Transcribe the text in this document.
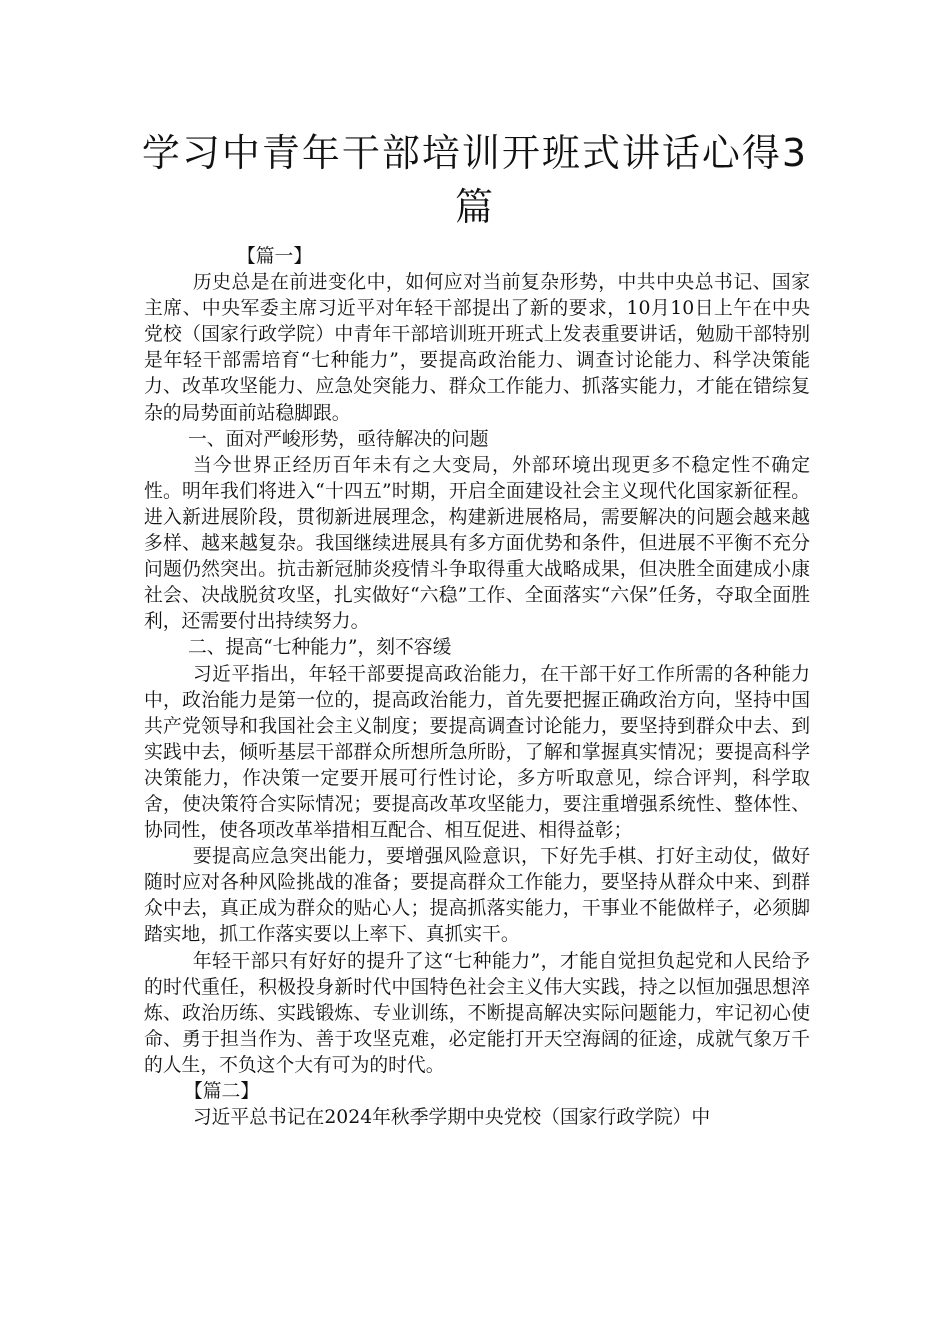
学习中青年干部培训开班式讲话心得3篇

【篇一】

历史总是在前进变化中，如何应对当前复杂形势，中共中央总书记、国家主席、中央军委主席习近平对年轻干部提出了新的要求，10月10日上午在中央党校（国家行政学院）中青年干部培训班开班式上发表重要讲话，勉励干部特别是年轻干部需培育“七种能力”，要提高政治能力、调查讨论能力、科学决策能力、改革攻坚能力、应急处突能力、群众工作能力、抓落实能力，才能在错综复杂的局势面前站稳脚跟。

一、面对严峻形势，亟待解决的问题

当今世界正经历百年未有之大变局，外部环境出现更多不稳定性不确定性。明年我们将进入“十四五”时期，开启全面建设社会主义现代化国家新征程。进入新进展阶段，贯彻新进展理念，构建新进展格局，需要解决的问题会越来越多样、越来越复杂。我国继续进展具有多方面优势和条件，但进展不平衡不充分问题仍然突出。抗击新冠肺炎疫情斗争取得重大战略成果，但决胜全面建成小康社会、决战脱贫攻坚，扎实做好“六稳”工作、全面落实“六保”任务，夺取全面胜利，还需要付出持续努力。

二、提高“七种能力”，刻不容缓

习近平指出，年轻干部要提高政治能力，在干部干好工作所需的各种能力中，政治能力是第一位的，提高政治能力，首先要把握正确政治方向，坚持中国共产党领导和我国社会主义制度；要提高调查讨论能力，要坚持到群众中去、到实践中去，倾听基层干部群众所想所急所盼，了解和掌握真实情况；要提高科学决策能力，作决策一定要开展可行性讨论，多方听取意见，综合评判，科学取舍，使决策符合实际情况；要提高改革攻坚能力，要注重增强系统性、整体性、协同性，使各项改革举措相互配合、相互促进、相得益彰；

要提高应急突出能力，要增强风险意识，下好先手棋、打好主动仗，做好随时应对各种风险挑战的准备；要提高群众工作能力，要坚持从群众中来、到群众中去，真正成为群众的贴心人；提高抓落实能力，干事业不能做样子，必须脚踏实地，抓工作落实要以上率下、真抓实干。

年轻干部只有好好的提升了这“七种能力”，才能自觉担负起党和人民给予的时代重任，积极投身新时代中国特色社会主义伟大实践，持之以恒加强思想淬炼、政治历练、实践锻炼、专业训练，不断提高解决实际问题能力，牢记初心使命、勇于担当作为、善于攻坚克难，必定能打开天空海阔的征途，成就气象万千的人生，不负这个大有可为的时代。

【篇二】

习近平总书记在2024年秋季学期中央党校（国家行政学院）中
